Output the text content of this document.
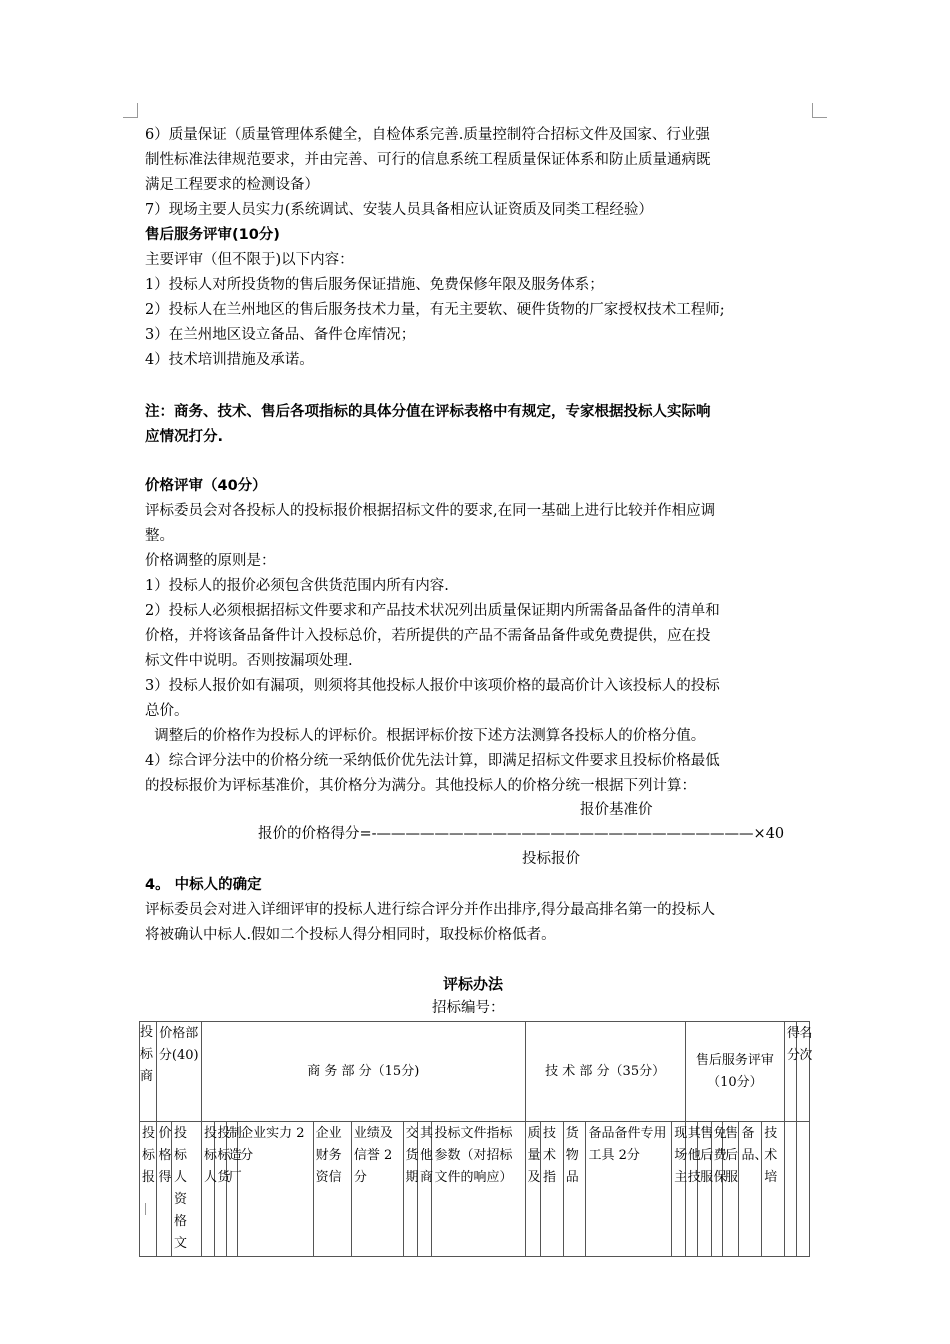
6）质量保证（质量管理体系健全，自检体系完善.质量控制符合招标文件及国家、行业强
制性标准法律规范要求，并由完善、可行的信息系统工程质量保证体系和防止质量通病既
满足工程要求的检测设备）
7）现场主要人员实力(系统调试、安装人员具备相应认证资质及同类工程经验）
售后服务评审(10分)
主要评审（但不限于)以下内容：
1）投标人对所投货物的售后服务保证措施、免费保修年限及服务体系；
2）投标人在兰州地区的售后服务技术力量，有无主要软、硬件货物的厂家授权技术工程师;
3）在兰州地区设立备品、备件仓库情况；
4）技术培训措施及承诺。
注：商务、技术、售后各项指标的具体分值在评标表格中有规定，专家根据投标人实际响
应情况打分.
价格评审（40分）
评标委员会对各投标人的投标报价根据招标文件的要求,在同一基础上进行比较并作相应调
整。
价格调整的原则是：
1）投标人的报价必须包含供货范围内所有内容.
2）投标人必须根据招标文件要求和产品技术状况列出质量保证期内所需备品备件的清单和
价格，并将该备品备件计入投标总价，若所提供的产品不需备品备件或免费提供，应在投
标文件中说明。否则按漏项处理.
3）投标人报价如有漏项，则须将其他投标人报价中该项价格的最高价计入该投标人的投标
总价。
调整后的价格作为投标人的评标价。根据评标价按下述方法测算各投标人的价格分值。
4）综合评分法中的价格分统一采纳低价优先法计算，即满足招标文件要求且投标价格最低
的投标报价为评标基准价，其价格分为满分。其他投标人的价格分统一根据下列计算：
报价基准价
报价的价格得分=-——————————————————————————×40
投标报价
4。 中标人的确定
评标委员会对进入详细评审的投标人进行综合评分并作出排序,得分最高排名第一的投标人
将被确认中标人.假如二个投标人得分相同时，取投标价格低者。
评标办法
招标编号：
投标商	价格部分(40)		商 务 部 分（15分)									技 术 部 分（35分）					售后服务评审（10分）						得分	名次
投标报	价格得	投标人资格文	投标人	投标货	制造厂	企业实力 2分	企业财务资信	业绩及信誉 2分	交货期	其他商	投标文件指标参数（对招标文件的响应）	质量及	技术指	货物品	备品备件专用工具 2分	现场主	其他技	售后服	免费保	售后服	备品、	技术培		
